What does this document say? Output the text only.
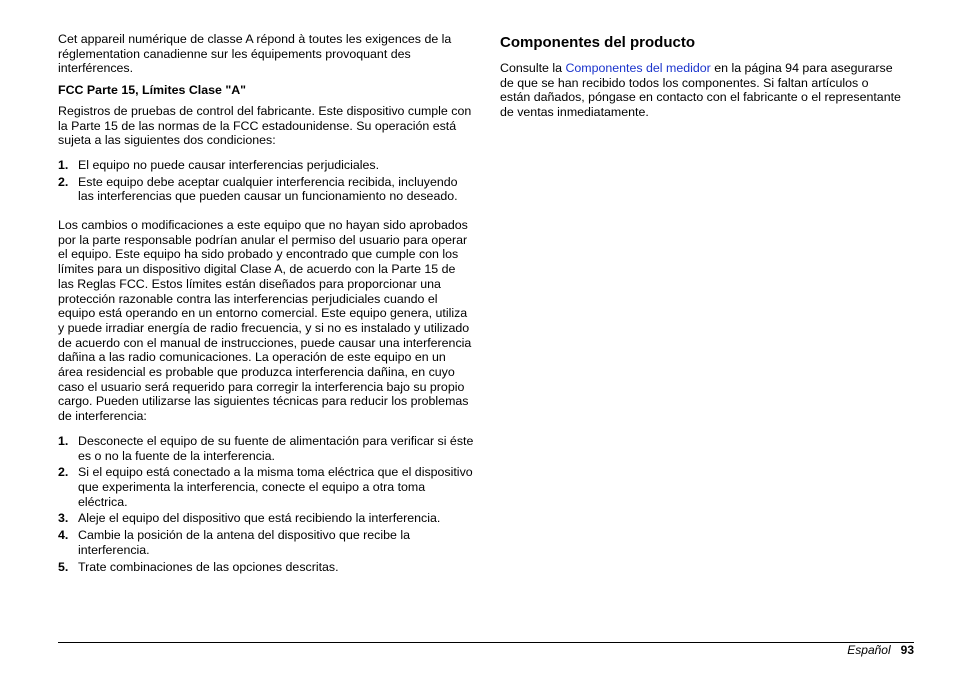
Cet appareil numérique de classe A répond à toutes les exigences de la réglementation canadienne sur les équipements provoquant des interférences.

FCC Parte 15, Límites Clase "A"

Registros de pruebas de control del fabricante. Este dispositivo cumple con la Parte 15 de las normas de la FCC estadounidense. Su operación está sujeta a las siguientes dos condiciones:

1. El equipo no puede causar interferencias perjudiciales.
2. Este equipo debe aceptar cualquier interferencia recibida, incluyendo las interferencias que pueden causar un funcionamiento no deseado.

Los cambios o modificaciones a este equipo que no hayan sido aprobados por la parte responsable podrían anular el permiso del usuario para operar el equipo. Este equipo ha sido probado y encontrado que cumple con los límites para un dispositivo digital Clase A, de acuerdo con la Parte 15 de las Reglas FCC. Estos límites están diseñados para proporcionar una protección razonable contra las interferencias perjudiciales cuando el equipo está operando en un entorno comercial. Este equipo genera, utiliza y puede irradiar energía de radio frecuencia, y si no es instalado y utilizado de acuerdo con el manual de instrucciones, puede causar una interferencia dañina a las radio comunicaciones. La operación de este equipo en un área residencial es probable que produzca interferencia dañina, en cuyo caso el usuario será requerido para corregir la interferencia bajo su propio cargo. Pueden utilizarse las siguientes técnicas para reducir los problemas de interferencia:

1. Desconecte el equipo de su fuente de alimentación para verificar si éste es o no la fuente de la interferencia.
2. Si el equipo está conectado a la misma toma eléctrica que el dispositivo que experimenta la interferencia, conecte el equipo a otra toma eléctrica.
3. Aleje el equipo del dispositivo que está recibiendo la interferencia.
4. Cambie la posición de la antena del dispositivo que recibe la interferencia.
5. Trate combinaciones de las opciones descritas.
Componentes del producto

Consulte la Componentes del medidor en la página 94 para asegurarse de que se han recibido todos los componentes. Si faltan artículos o están dañados, póngase en contacto con el fabricante o el representante de ventas inmediatamente.

Español 93
